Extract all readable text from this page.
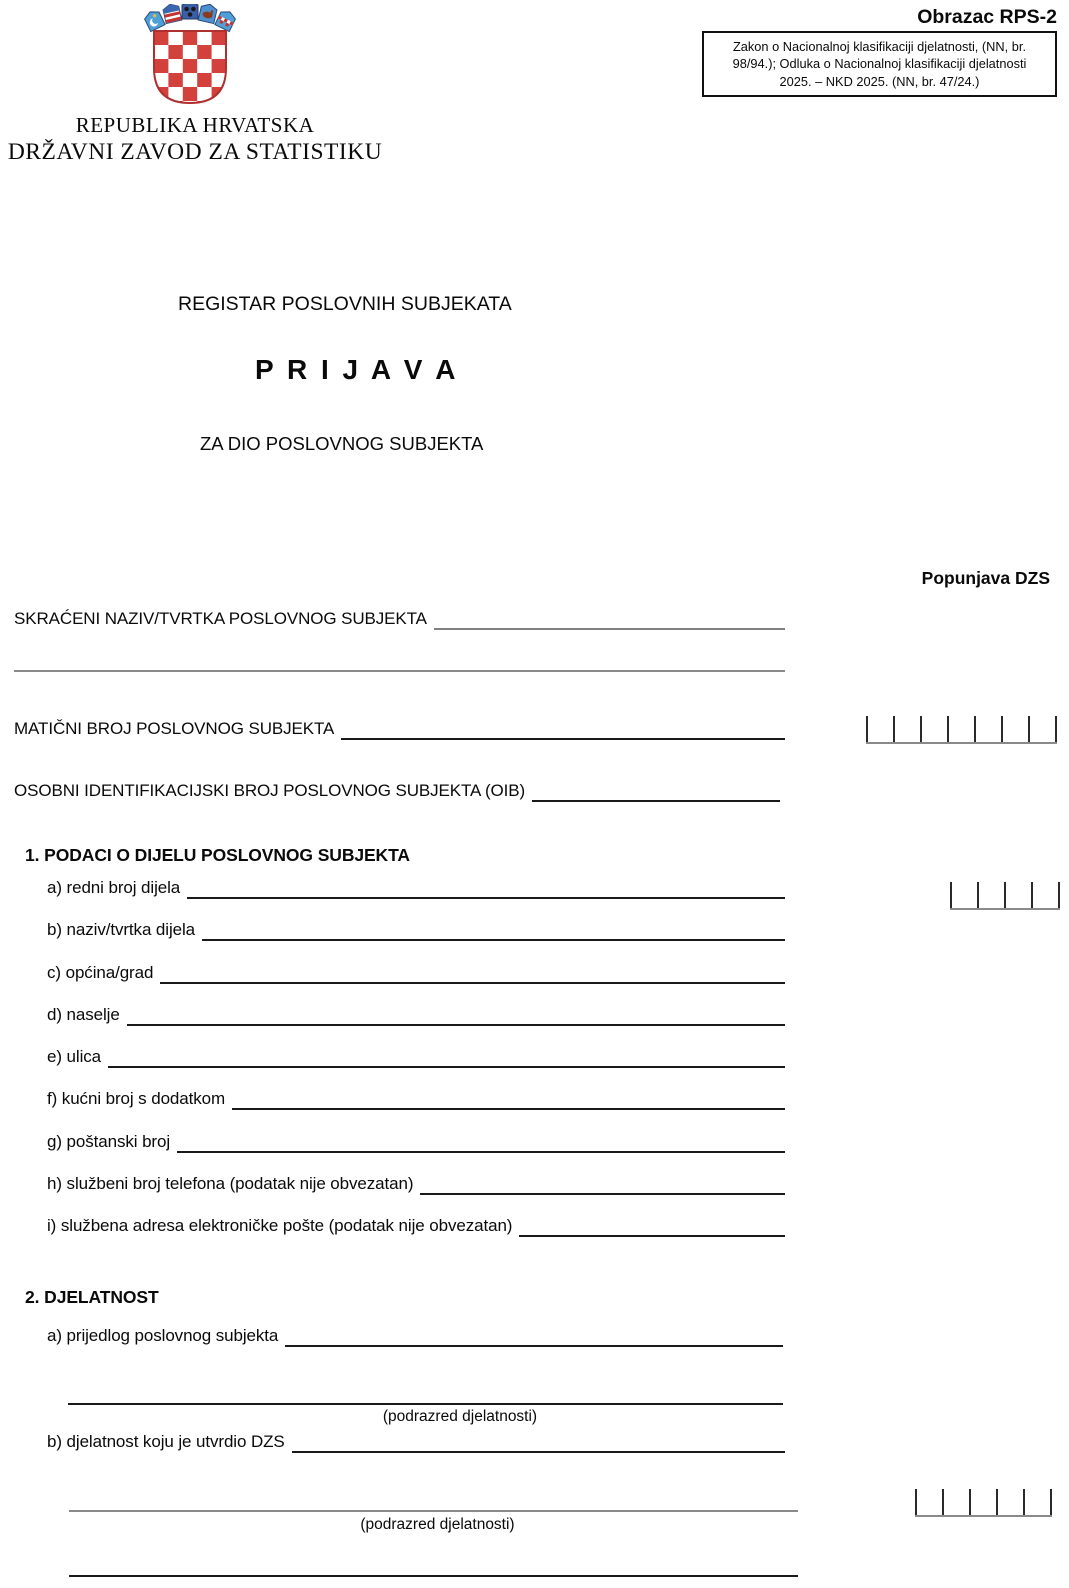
REPUBLIKA HRVATSKA
DRŽAVNI ZAVOD ZA STATISTIKU
Obrazac RPS-2
Zakon o Nacionalnoj klasifikaciji djelatnosti, (NN, br.
98/94.); Odluka o Nacionalnoj klasifikaciji djelatnosti
2025. – NKD 2025. (NN, br. 47/24.)
REGISTAR POSLOVNIH SUBJEKATA
P R I J A V A
ZA DIO POSLOVNOG SUBJEKTA
Popunjava DZS
SKRAĆENI NAZIV/TVRTKA POSLOVNOG SUBJEKTA
MATIČNI BROJ POSLOVNOG SUBJEKTA
OSOBNI IDENTIFIKACIJSKI BROJ POSLOVNOG SUBJEKTA (OIB)
1. PODACI O DIJELU POSLOVNOG SUBJEKTA
a) redni broj dijela
b) naziv/tvrtka dijela
c) općina/grad
d) naselje
e) ulica
f) kućni broj s dodatkom
g) poštanski broj
h) službeni broj telefona (podatak nije obvezatan)
i) službena adresa elektroničke pošte (podatak nije obvezatan)
2. DJELATNOST
a) prijedlog poslovnog subjekta
(podrazred djelatnosti)
b) djelatnost koju je utvrdio DZS
(podrazred djelatnosti)
